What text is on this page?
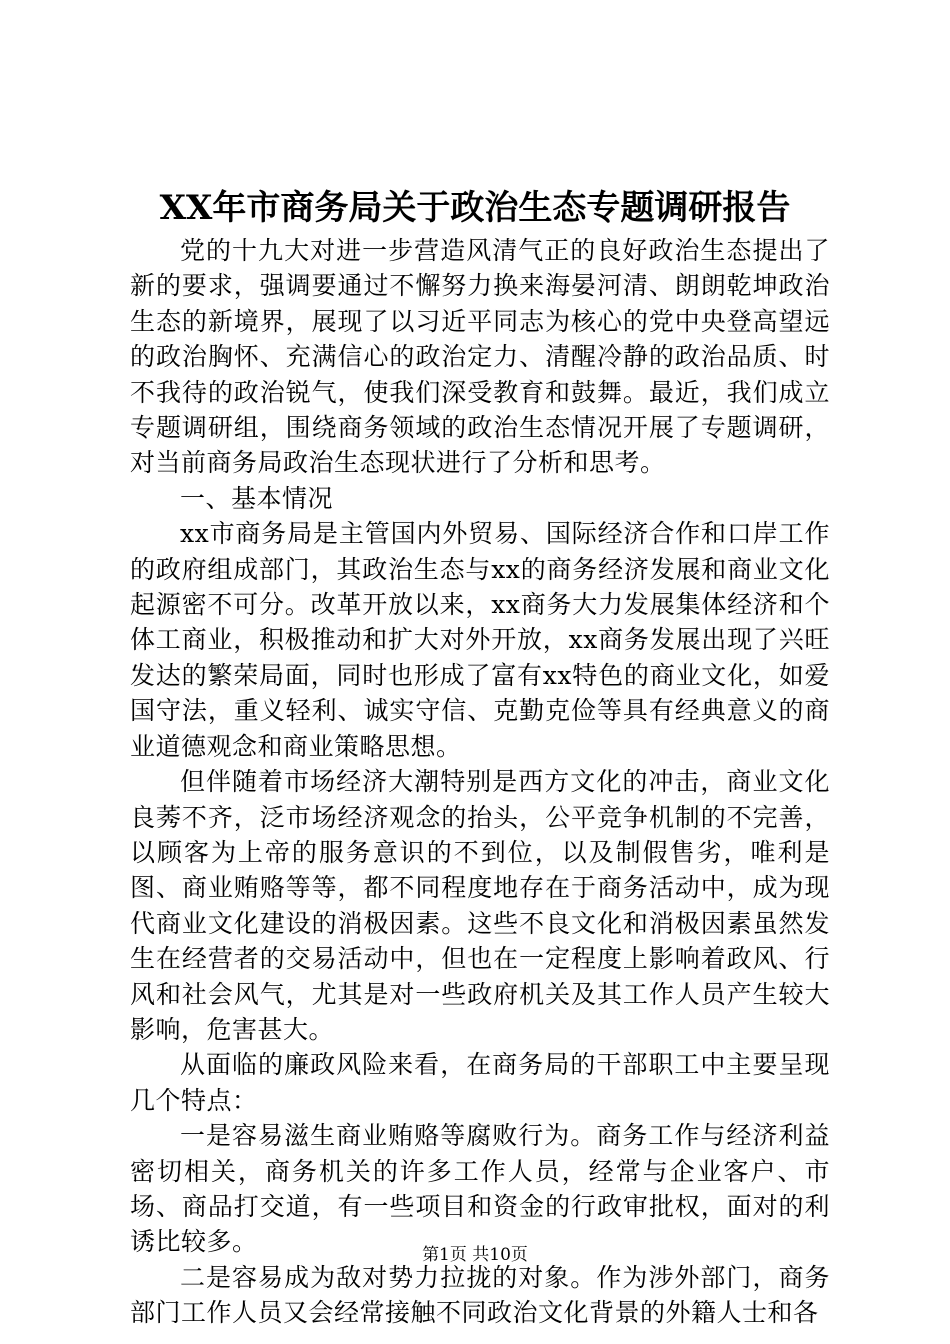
XX年市商务局关于政治生态专题调研报告

党的十九大对进一步营造风清气正的良好政治生态提出了新的要求，强调要通过不懈努力换来海晏河清、朗朗乾坤政治生态的新境界，展现了以习近平同志为核心的党中央登高望远的政治胸怀、充满信心的政治定力、清醒冷静的政治品质、时不我待的政治锐气，使我们深受教育和鼓舞。最近，我们成立专题调研组，围绕商务领域的政治生态情况开展了专题调研，对当前商务局政治生态现状进行了分析和思考。

一、基本情况

xx市商务局是主管国内外贸易、国际经济合作和口岸工作的政府组成部门，其政治生态与xx的商务经济发展和商业文化起源密不可分。改革开放以来，xx商务大力发展集体经济和个体工商业，积极推动和扩大对外开放，xx商务发展出现了兴旺发达的繁荣局面，同时也形成了富有xx特色的商业文化，如爱国守法，重义轻利、诚实守信、克勤克俭等具有经典意义的商业道德观念和商业策略思想。

但伴随着市场经济大潮特别是西方文化的冲击，商业文化良莠不齐，泛市场经济观念的抬头，公平竞争机制的不完善，以顾客为上帝的服务意识的不到位，以及制假售劣，唯利是图、商业贿赂等等，都不同程度地存在于商务活动中，成为现代商业文化建设的消极因素。这些不良文化和消极因素虽然发生在经营者的交易活动中，但也在一定程度上影响着政风、行风和社会风气，尤其是对一些政府机关及其工作人员产生较大影响，危害甚大。

从面临的廉政风险来看，在商务局的干部职工中主要呈现几个特点：

一是容易滋生商业贿赂等腐败行为。商务工作与经济利益密切相关，商务机关的许多工作人员，经常与企业客户、市场、商品打交道，有一些项目和资金的行政审批权，面对的利诱比较多。

二是容易成为敌对势力拉拢的对象。作为涉外部门，商务部门工作人员又会经常接触不同政治文化背景的外籍人士和各

第1页 共10页
